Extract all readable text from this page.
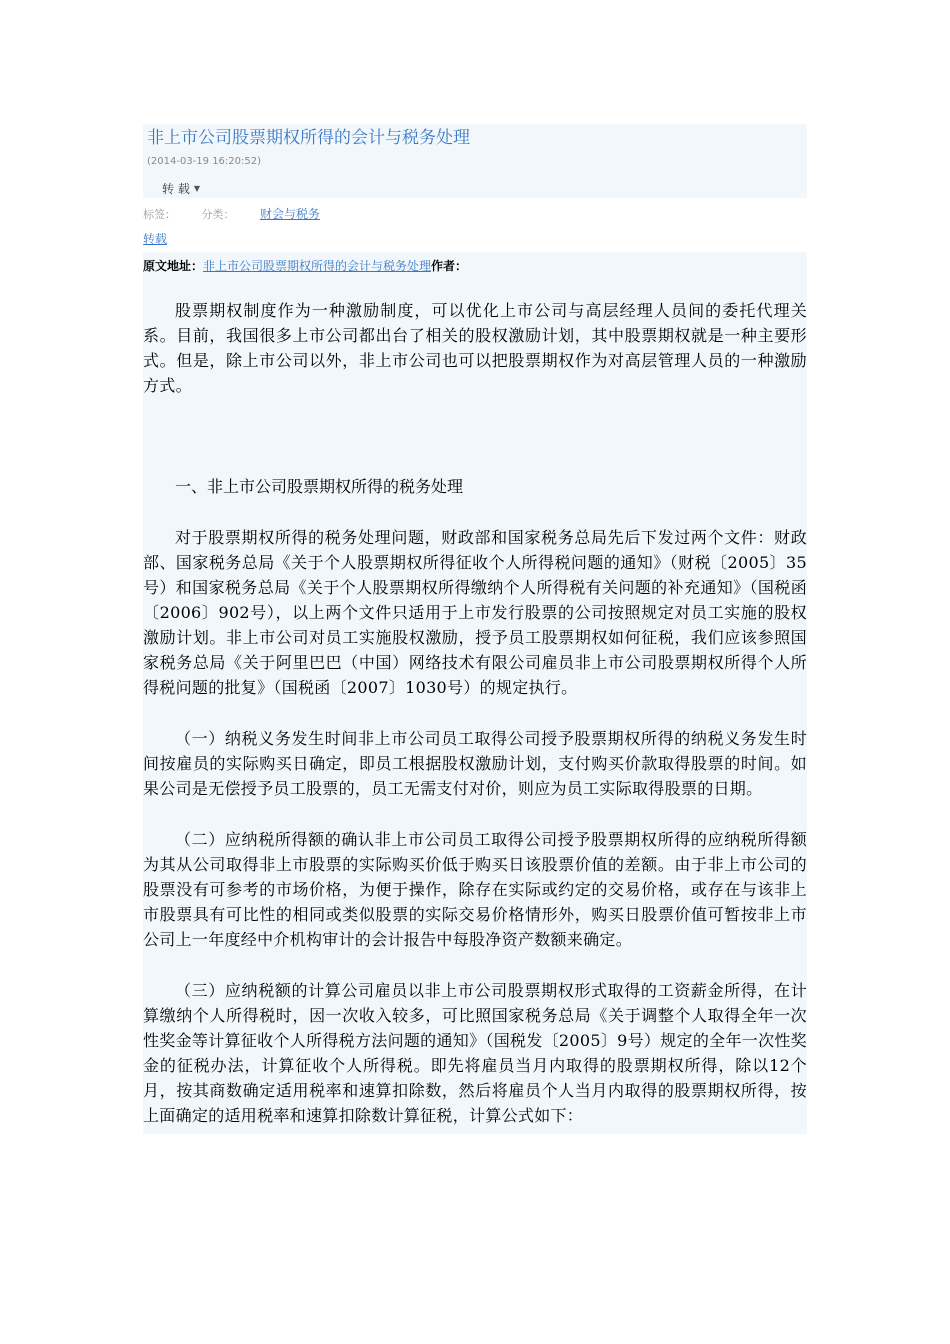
非上市公司股票期权所得的会计与税务处理
(2014-03-19 16:20:52)
转 载 ▼
标签： 分类： 财会与税务
转载
原文地址：非上市公司股票期权所得的会计与税务处理作者：

股票期权制度作为一种激励制度，可以优化上市公司与高层经理人员间的委托代理关系。目前，我国很多上市公司都出台了相关的股权激励计划，其中股票期权就是一种主要形式。但是，除上市公司以外，非上市公司也可以把股票期权作为对高层管理人员的一种激励方式。

一、非上市公司股票期权所得的税务处理

对于股票期权所得的税务处理问题，财政部和国家税务总局先后下发过两个文件：财政部、国家税务总局《关于个人股票期权所得征收个人所得税问题的通知》（财税〔2005〕35号）和国家税务总局《关于个人股票期权所得缴纳个人所得税有关问题的补充通知》（国税函〔2006〕902号），以上两个文件只适用于上市发行股票的公司按照规定对员工实施的股权激励计划。非上市公司对员工实施股权激励，授予员工股票期权如何征税，我们应该参照国家税务总局《关于阿里巴巴（中国）网络技术有限公司雇员非上市公司股票期权所得个人所得税问题的批复》（国税函〔2007〕1030号）的规定执行。

（一）纳税义务发生时间非上市公司员工取得公司授予股票期权所得的纳税义务发生时间按雇员的实际购买日确定，即员工根据股权激励计划，支付购买价款取得股票的时间。如果公司是无偿授予员工股票的，员工无需支付对价，则应为员工实际取得股票的日期。

（二）应纳税所得额的确认非上市公司员工取得公司授予股票期权所得的应纳税所得额为其从公司取得非上市股票的实际购买价低于购买日该股票价值的差额。由于非上市公司的股票没有可参考的市场价格，为便于操作，除存在实际或约定的交易价格，或存在与该非上市股票具有可比性的相同或类似股票的实际交易价格情形外，购买日股票价值可暂按非上市公司上一年度经中介机构审计的会计报告中每股净资产数额来确定。

（三）应纳税额的计算公司雇员以非上市公司股票期权形式取得的工资薪金所得，在计算缴纳个人所得税时，因一次收入较多，可比照国家税务总局《关于调整个人取得全年一次性奖金等计算征收个人所得税方法问题的通知》（国税发〔2005〕9号）规定的全年一次性奖金的征税办法，计算征收个人所得税。即先将雇员当月内取得的股票期权所得，除以12个月，按其商数确定适用税率和速算扣除数，然后将雇员个人当月内取得的股票期权所得，按上面确定的适用税率和速算扣除数计算征税，计算公式如下：
